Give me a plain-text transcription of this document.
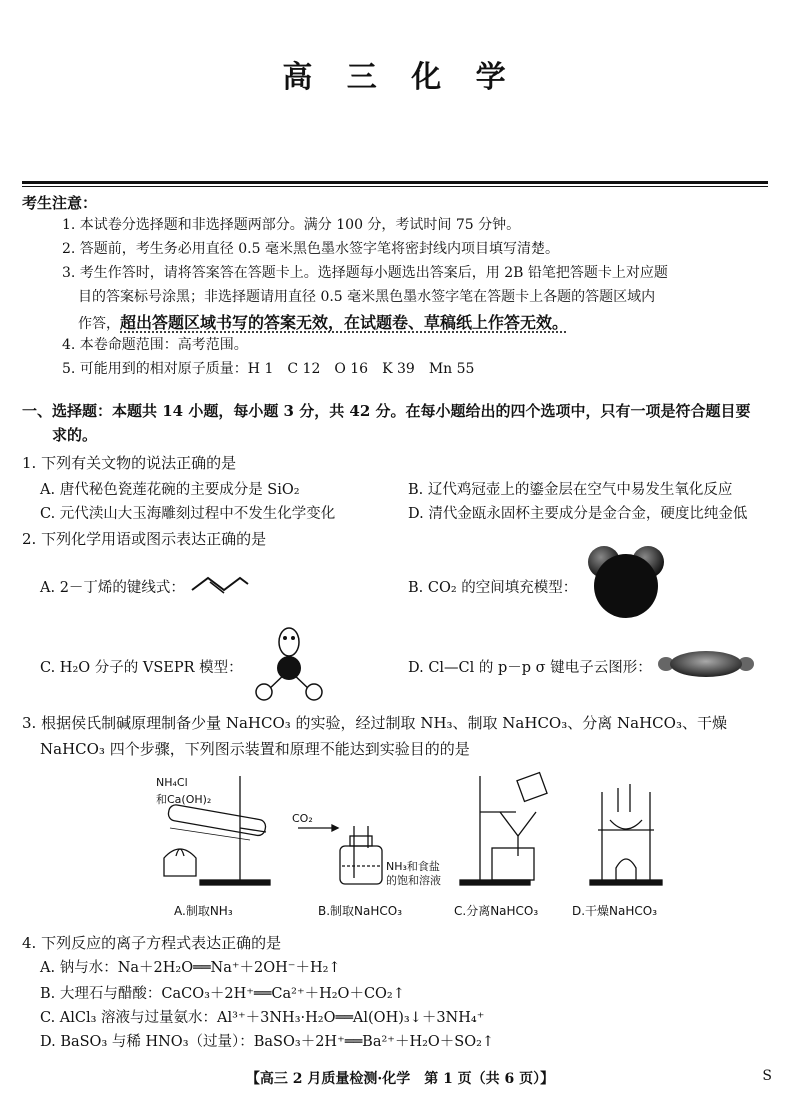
高 三 化 学
考生注意：
1. 本试卷分选择题和非选择题两部分。满分 100 分，考试时间 75 分钟。
2. 答题前，考生务必用直径 0.5 毫米黑色墨水签字笔将密封线内项目填写清楚。
3. 考生作答时，请将答案答在答题卡上。选择题每小题选出答案后，用 2B 铅笔把答题卡上对应题
目的答案标号涂黑；非选择题请用直径 0.5 毫米黑色墨水签字笔在答题卡上各题的答题区域内
作答，超出答题区域书写的答案无效，在试题卷、草稿纸上作答无效。
4. 本卷命题范围：高考范围。
5. 可能用到的相对原子质量：H 1　C 12　O 16　K 39　Mn 55
一、选择题：本题共 14 小题，每小题 3 分，共 42 分。在每小题给出的四个选项中，只有一项是符合题目要
求的。
1. 下列有关文物的说法正确的是
A. 唐代秘色瓷莲花碗的主要成分是 SiO₂	B. 辽代鸡冠壶上的鎏金层在空气中易发生氧化反应
C. 元代渎山大玉海雕刻过程中不发生化学变化	D. 清代金瓯永固杯主要成分是金合金，硬度比纯金低
2. 下列化学用语或图示表达正确的是
A. 2－丁烯的键线式：	B. CO₂ 的空间填充模型：
C. H₂O 分子的 VSEPR 模型：	D. Cl—Cl 的 p－p σ 键电子云图形：
3. 根据侯氏制碱原理制备少量 NaHCO₃ 的实验，经过制取 NH₃、制取 NaHCO₃、分离 NaHCO₃、干燥
NaHCO₃ 四个步骤，下列图示装置和原理不能达到实验目的的是
NH₄Cl
和Ca(OH)₂
CO₂
NH₃和食盐
的饱和溶液
A.制取NH₃	B.制取NaHCO₃	C.分离NaHCO₃	D.干燥NaHCO₃
4. 下列反应的离子方程式表达正确的是
A. 钠与水：Na＋2H₂O══Na⁺＋2OH⁻＋H₂↑
B. 大理石与醋酸：CaCO₃＋2H⁺══Ca²⁺＋H₂O＋CO₂↑
C. AlCl₃ 溶液与过量氨水：Al³⁺＋3NH₃·H₂O══Al(OH)₃↓＋3NH₄⁺
D. BaSO₃ 与稀 HNO₃（过量）：BaSO₃＋2H⁺══Ba²⁺＋H₂O＋SO₂↑
【高三 2 月质量检测·化学　第 1 页（共 6 页）】	S
